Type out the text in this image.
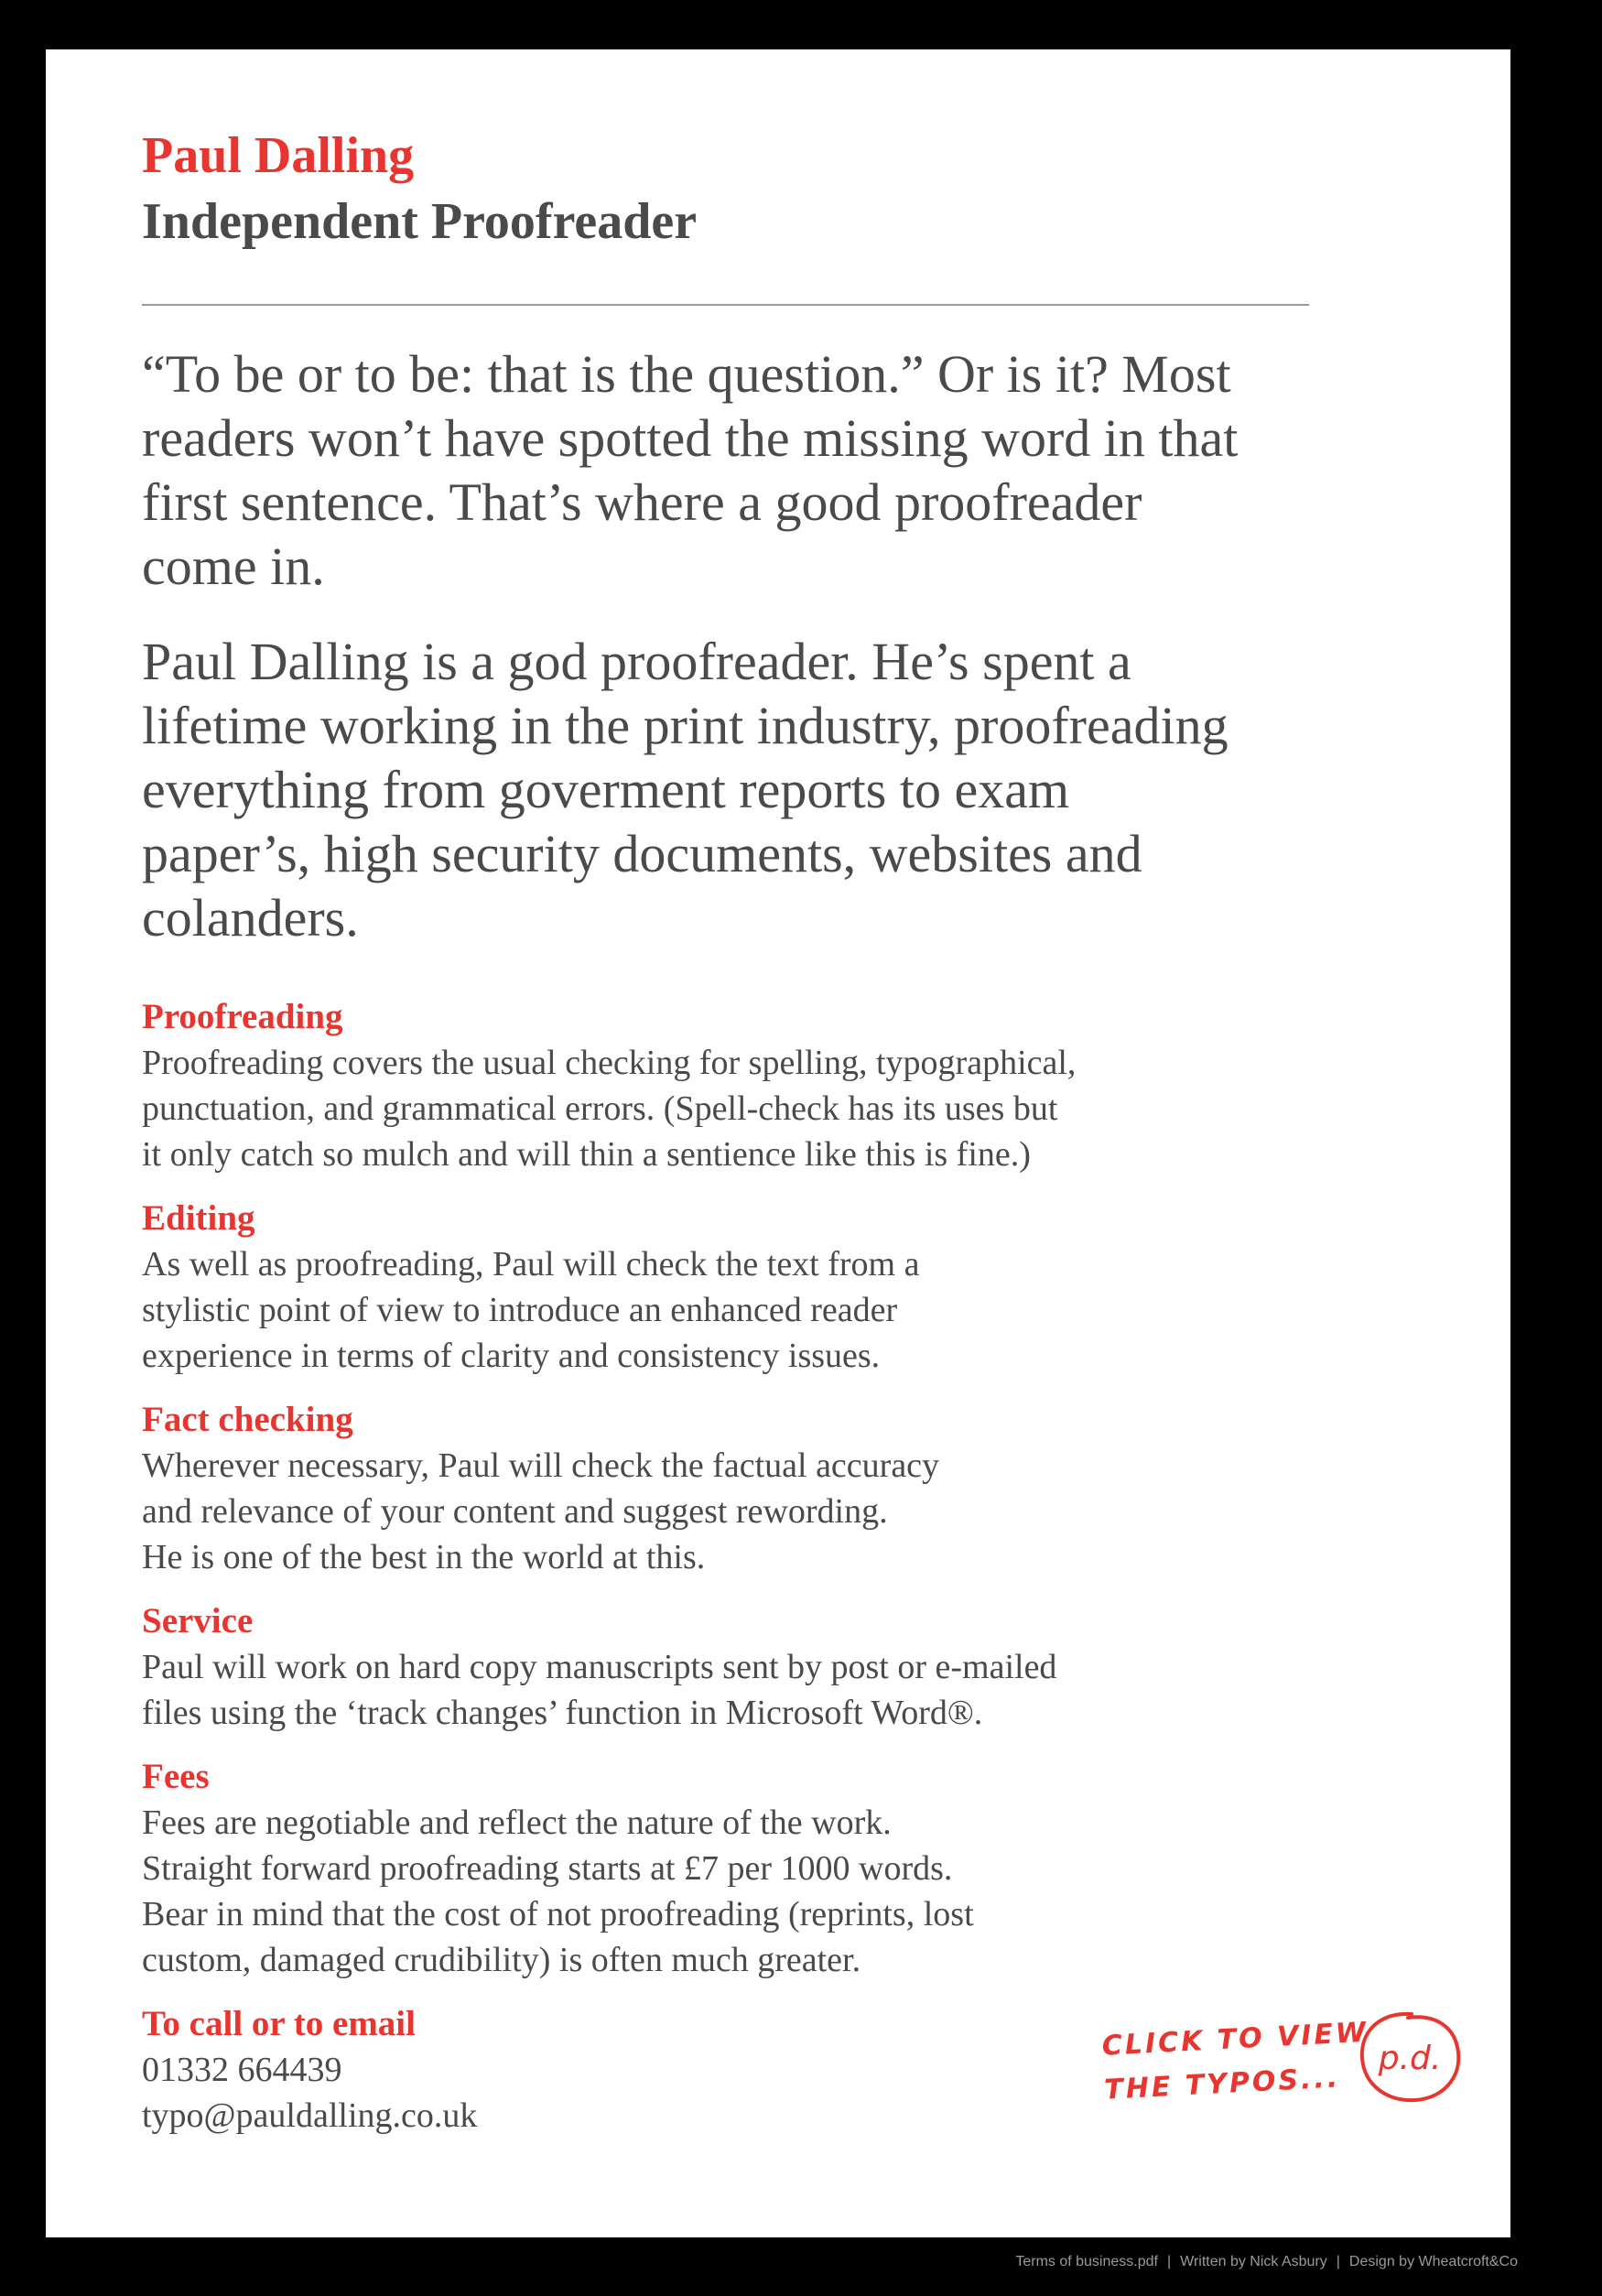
Paul Dalling
Independent Proofreader

“To be or to be: that is the question.” Or is it? Most readers won’t have spotted the missing word in that first sentence. That’s where a good proofreader come in.

Paul Dalling is a god proofreader. He’s spent a lifetime working in the print industry, proofreading everything from goverment reports to exam paper’s, high security documents, websites and colanders.

Proofreading

Proofreading covers the usual checking for spelling, typographical,
punctuation, and grammatical errors. (Spell-check has its uses but
it only catch so mulch and will thin a sentience like this is fine.)

Editing

As well as proofreading, Paul will check the text from a
stylistic point of view to introduce an enhanced reader
experience in terms of clarity and consistency issues.

Fact checking

Wherever necessary, Paul will check the factual accuracy
and relevance of your content and suggest rewording.
He is one of the best in the world at this.

Service

Paul will work on hard copy manuscripts sent by post or e-mailed
files using the ‘track changes’ function in Microsoft Word®.

Fees

Fees are negotiable and reflect the nature of the work.
Straight forward proofreading starts at £7 per 1000 words.
Bear in mind that the cost of not proofreading (reprints, lost
custom, damaged crudibility) is often much greater.

To call or to email

01332 664439
typo@pauldalling.co.uk

CLICK TO VIEW
THE TYPOS...
p.d.
Terms of business.pdf | Written by Nick Asbury | Design by Wheatcroft&Co
